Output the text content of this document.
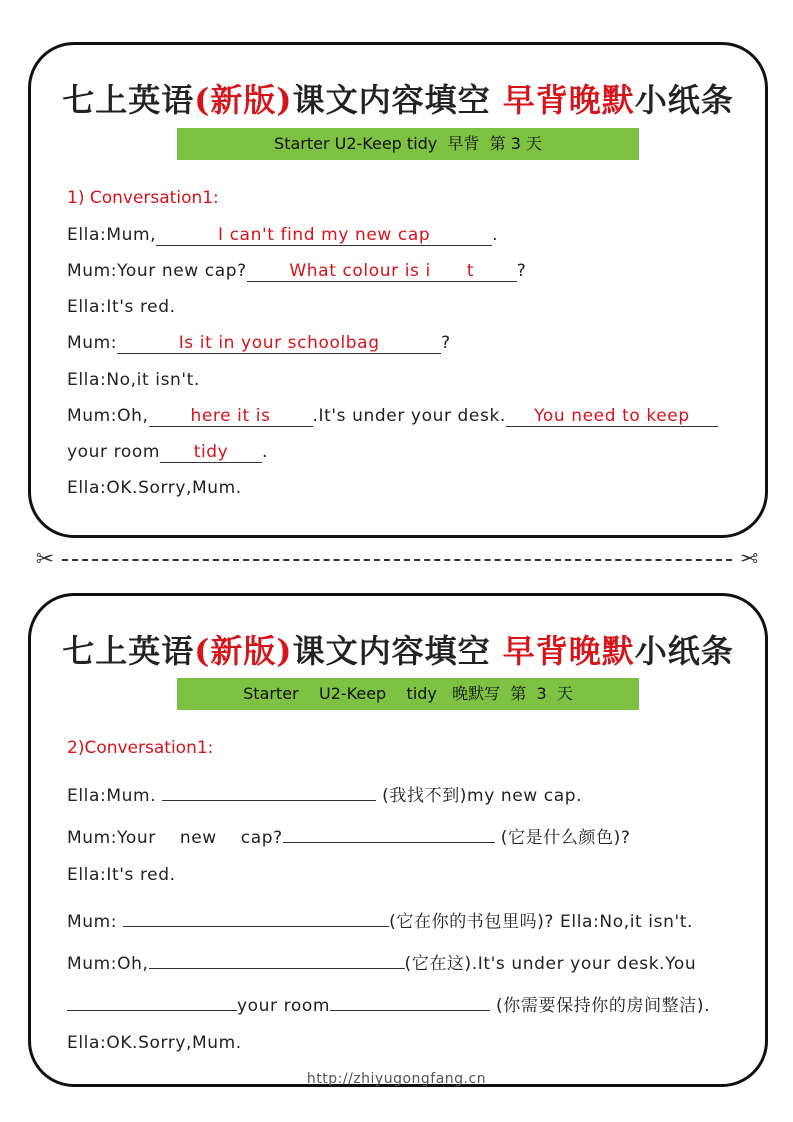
七上英语(新版)课文内容填空 早背晚默小纸条
Starter U2-Keep tidy  早背  第 3 天
1) Conversation1:
Ella:Mum,	I can't find my new cap	.
Mum:Your new cap?	What colour is i      t	?
Ella:It's red.
Mum:	Is it in your schoolbag	?
Ella:No,it isn't.
Mum:Oh, here it is .It's under your desk. You need to keep
your room tidy .
Ella:OK.Sorry,Mum.
✂	✂
七上英语(新版)课文内容填空 早背晚默小纸条
Starter    U2-Keep    tidy   晚默写  第  3  天
2)Conversation1:
Ella:Mum.	(我找不到)my new cap.
Mum:Your    new    cap?	(它是什么颜色)?
Ella:It's red.
Mum:	(它在你的书包里吗)? Ella:No,it isn't.
Mum:Oh,	(它在这).It's under your desk.You
your room	(你需要保持你的房间整洁).
Ella:OK.Sorry,Mum.
http://zhiyugongfang.cn
